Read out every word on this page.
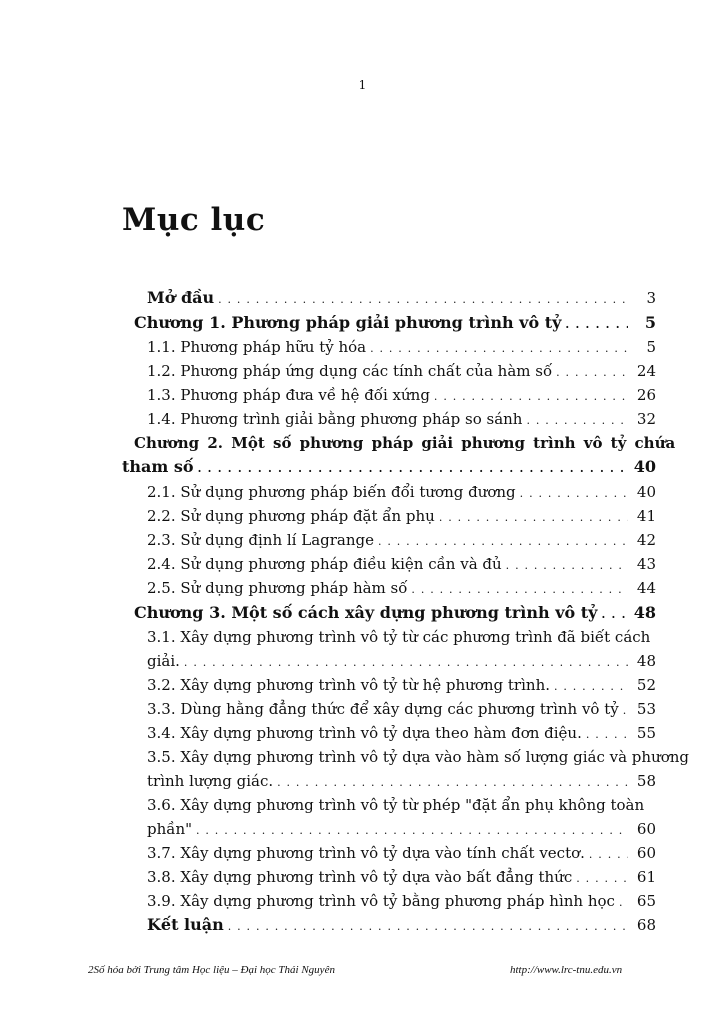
1
Mục lục
Mở đầu . . .	3
Chương 1. Phương pháp giải phương trình vô tỷ . . .	5
1.1. Phương pháp hữu tỷ hóa . . .	5
1.2. Phương pháp ứng dụng các tính chất của hàm số . . .	24
1.3. Phương pháp đưa về hệ đối xứng . . .	26
1.4. Phương trình giải bằng phương pháp so sánh . . .	32
Chương 2. Một số phương pháp giải phương trình vô tỷ chứa
tham số . . .	40
2.1. Sử dụng phương pháp biến đổi tương đương . . .	40
2.2. Sử dụng phương pháp đặt ẩn phụ . . .	41
2.3. Sử dụng định lí Lagrange . . .	42
2.4. Sử dụng phương pháp điều kiện cần và đủ . . .	43
2.5. Sử dụng phương pháp hàm số . . .	44
Chương 3. Một số cách xây dựng phương trình vô tỷ . . . 48
3.1. Xây dựng phương trình vô tỷ từ các phương trình đã biết cách
giải. . . .	48
3.2. Xây dựng phương trình vô tỷ từ hệ phương trình. . . .	52
3.3. Dùng hằng đẳng thức để xây dựng các phương trình vô tỷ . . .	53
3.4. Xây dựng phương trình vô tỷ dựa theo hàm đơn điệu. . . .	55
3.5. Xây dựng phương trình vô tỷ dựa vào hàm số lượng giác và phương
trình lượng giác. . . .	58
3.6. Xây dựng phương trình vô tỷ từ phép "đặt ẩn phụ không toàn
phần" . . .	60
3.7. Xây dựng phương trình vô tỷ dựa vào tính chất vectơ. . . .	60
3.8. Xây dựng phương trình vô tỷ dựa vào bất đẳng thức . . .	61
3.9. Xây dựng phương trình vô tỷ bằng phương pháp hình học . . .	65
Kết luận . . .	68
2Số hóa bởi Trung tâm Học liệu – Đại học Thái Nguyên	http://www.lrc-tnu.edu.vn
